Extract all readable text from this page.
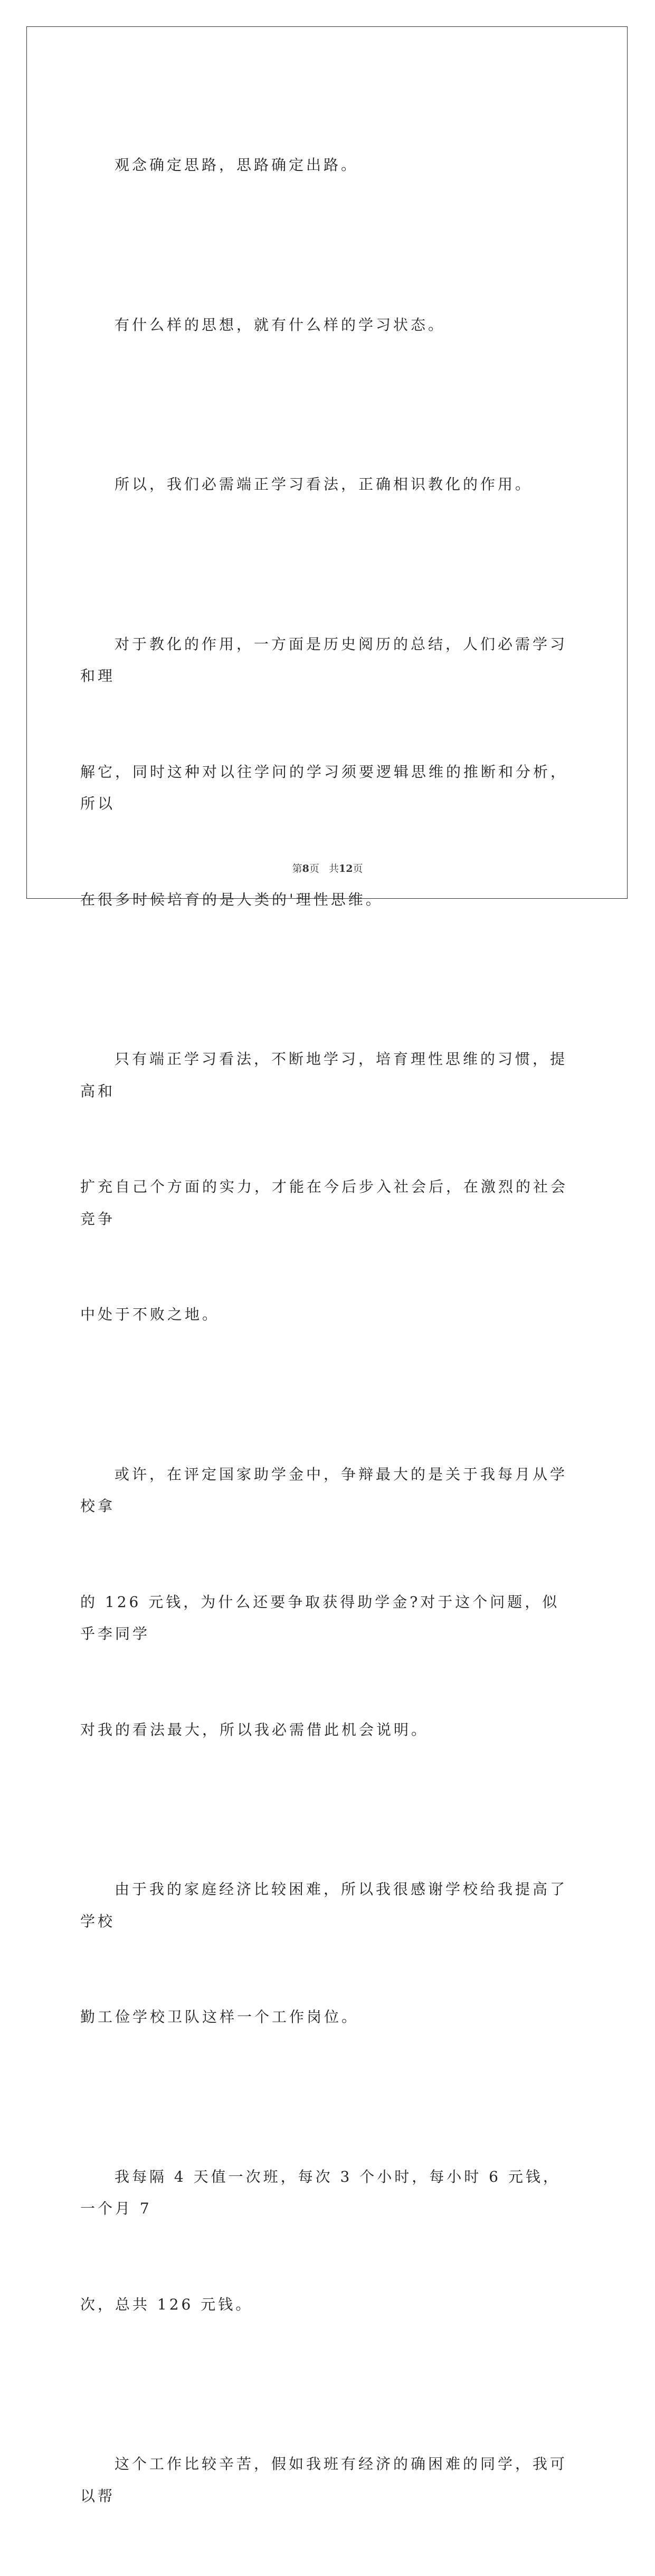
观念确定思路，思路确定出路。

有什么样的思想，就有什么样的学习状态。

所以，我们必需端正学习看法，正确相识教化的作用。

对于教化的作用，一方面是历史阅历的总结，人们必需学习和理

解它，同时这种对以往学问的学习须要逻辑思维的推断和分析，所以

在很多时候培育的是人类的'理性思维。

只有端正学习看法，不断地学习，培育理性思维的习惯，提高和

扩充自己个方面的实力，才能在今后步入社会后，在激烈的社会竞争

中处于不败之地。

或许，在评定国家助学金中，争辩最大的是关于我每月从学校拿

的 126 元钱，为什么还要争取获得助学金?对于这个问题，似乎李同学

对我的看法最大，所以我必需借此机会说明。

由于我的家庭经济比较困难，所以我很感谢学校给我提高了学校

勤工俭学校卫队这样一个工作岗位。

我每隔 4 天值一次班，每次 3 个小时，每小时 6 元钱，一个月 7

次，总共 126 元钱。

这个工作比较辛苦，假如我班有经济的确困难的同学，我可以帮

第8页 共12页
